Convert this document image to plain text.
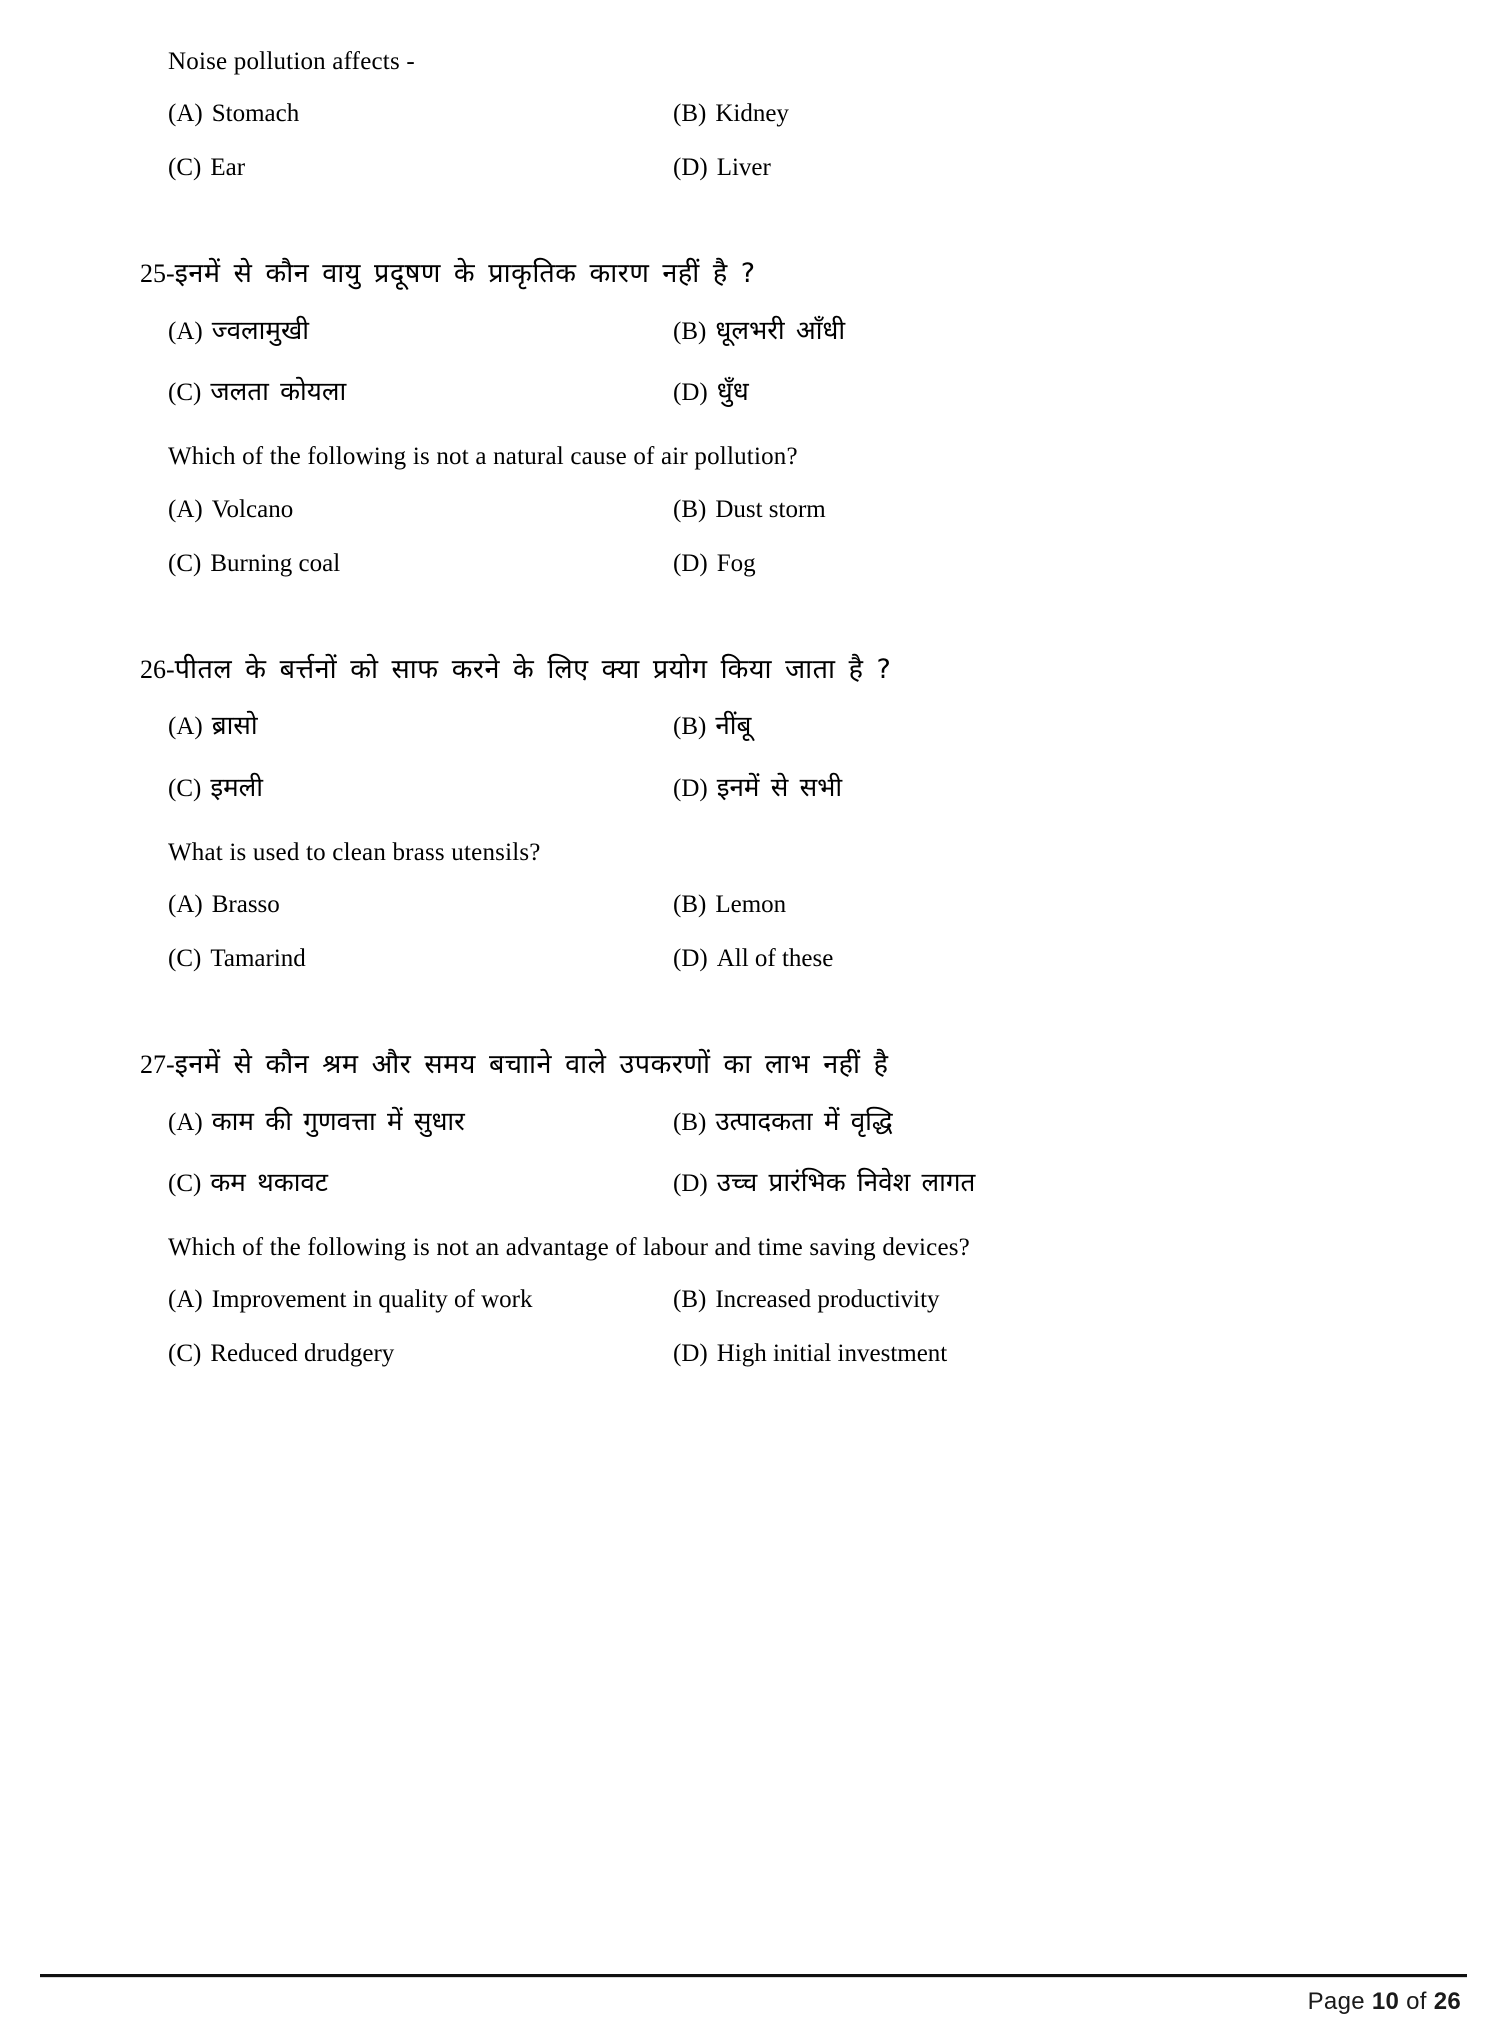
Noise pollution affects -

(A) Stomach	(B) Kidney
(C) Ear	(D) Liver

25-इनमें से कौन वायु प्रदूषण के प्राकृतिक कारण नहीं है ?

(A) ज्वलामुखी	(B) धूलभरी आँधी
(C) जलता कोयला	(D) धुँध

Which of the following is not a natural cause of air pollution?

(A) Volcano	(B) Dust storm
(C) Burning coal	(D) Fog

26-पीतल के बर्त्तनों को साफ करने के लिए क्या प्रयोग किया जाता है ?

(A) ब्रासो	(B) नींबू
(C) इमली	(D) इनमें से सभी

What is used to clean brass utensils?

(A) Brasso	(B) Lemon
(C) Tamarind	(D) All of these

27-इनमें से कौन श्रम और समय बचााने वाले उपकरणों का लाभ नहीं है

(A) काम की गुणवत्ता में सुधार	(B) उत्पादकता में वृद्धि
(C) कम थकावट	(D) उच्च प्रारंभिक निवेश लागत

Which of the following is not an advantage of labour and time saving devices?

(A) Improvement in quality of work	(B) Increased productivity
(C) Reduced drudgery	(D) High initial investment
Page 10 of 26
